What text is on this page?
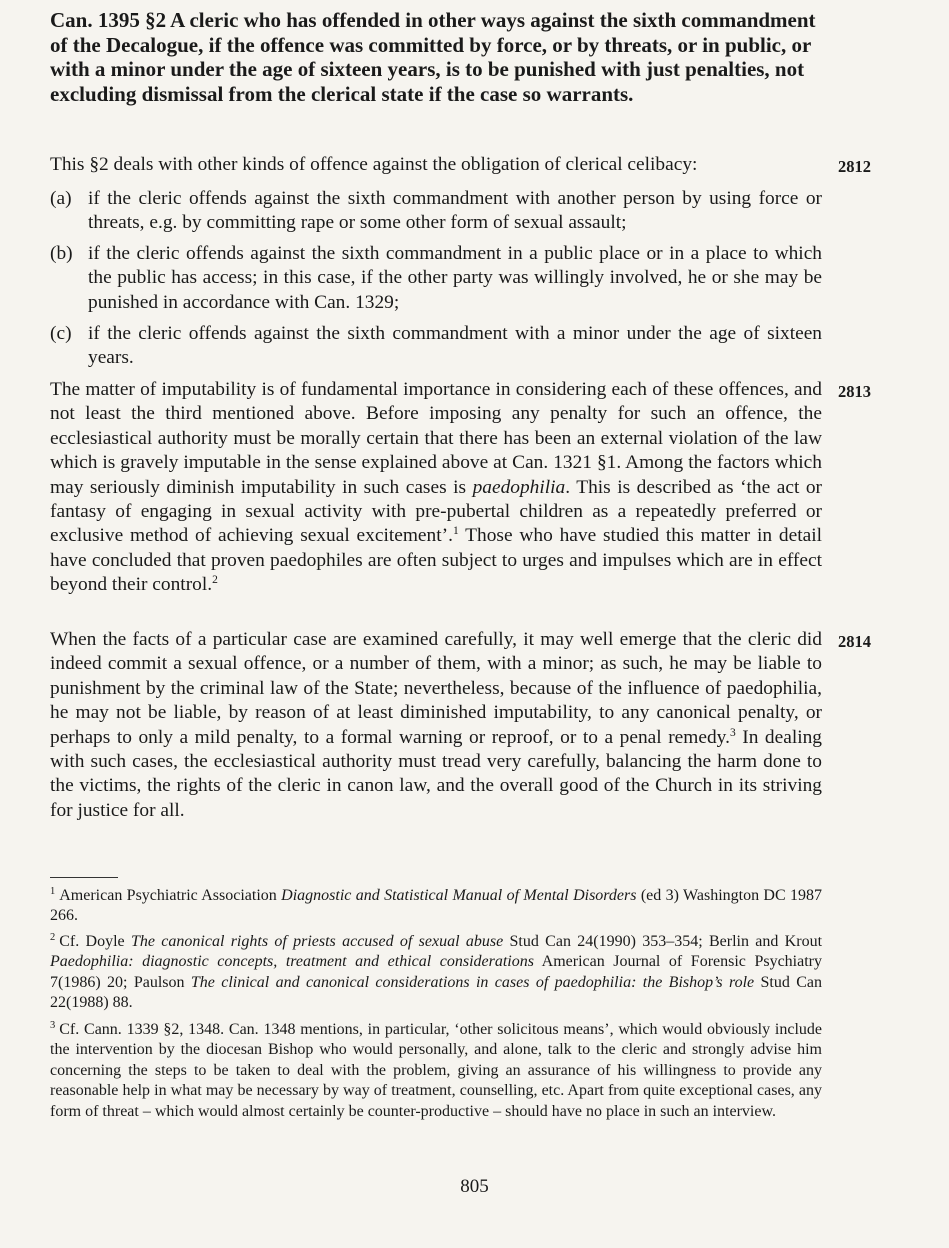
Can. 1395 §2 A cleric who has offended in other ways against the sixth commandment of the Decalogue, if the offence was committed by force, or by threats, or in public, or with a minor under the age of sixteen years, is to be punished with just penalties, not excluding dismissal from the clerical state if the case so warrants.
This §2 deals with other kinds of offence against the obligation of clerical celibacy:	2812
(a) if the cleric offends against the sixth commandment with another person by using force or threats, e.g. by committing rape or some other form of sexual assault;
(b) if the cleric offends against the sixth commandment in a public place or in a place to which the public has access; in this case, if the other party was willingly involved, he or she may be punished in accordance with Can. 1329;
(c) if the cleric offends against the sixth commandment with a minor under the age of sixteen years.
The matter of imputability is of fundamental importance in considering each of these offences, and not least the third mentioned above. Before imposing any penalty for such an offence, the ecclesiastical authority must be morally certain that there has been an external violation of the law which is gravely imputable in the sense explained above at Can. 1321 §1. Among the factors which may seriously diminish imputability in such cases is paedophilia. This is described as ‘the act or fantasy of engaging in sexual activity with pre-pubertal children as a repeatedly preferred or exclusive method of achieving sexual excitement’.$^1$ Those who have studied this matter in detail have concluded that proven paedophiles are often subject to urges and impulses which are in effect beyond their control.$^2$
2813
When the facts of a particular case are examined carefully, it may well emerge that the cleric did indeed commit a sexual offence, or a number of them, with a minor; as such, he may be liable to punishment by the criminal law of the State; nevertheless, because of the influence of paedophilia, he may not be liable, by reason of at least diminished imputability, to any canonical penalty, or perhaps to only a mild penalty, to a formal warning or reproof, or to a penal remedy.$^3$ In dealing with such cases, the ecclesiastical authority must tread very carefully, balancing the harm done to the victims, the rights of the cleric in canon law, and the overall good of the Church in its striving for justice for all.
2814
$^1$ American Psychiatric Association Diagnostic and Statistical Manual of Mental Disorders (ed 3) Washington DC 1987 266.
$^2$ Cf. Doyle The canonical rights of priests accused of sexual abuse Stud Can 24(1990) 353–354; Berlin and Krout Paedophilia: diagnostic concepts, treatment and ethical considerations American Journal of Forensic Psychiatry 7(1986) 20; Paulson The clinical and canonical considerations in cases of paedophilia: the Bishop’s role Stud Can 22(1988) 88.
$^3$ Cf. Cann. 1339 §2, 1348. Can. 1348 mentions, in particular, ‘other solicitous means’, which would obviously include the intervention by the diocesan Bishop who would personally, and alone, talk to the cleric and strongly advise him concerning the steps to be taken to deal with the problem, giving an assurance of his willingness to provide any reasonable help in what may be necessary by way of treatment, counselling, etc. Apart from quite exceptional cases, any form of threat – which would almost certainly be counter-productive – should have no place in such an interview.
805
